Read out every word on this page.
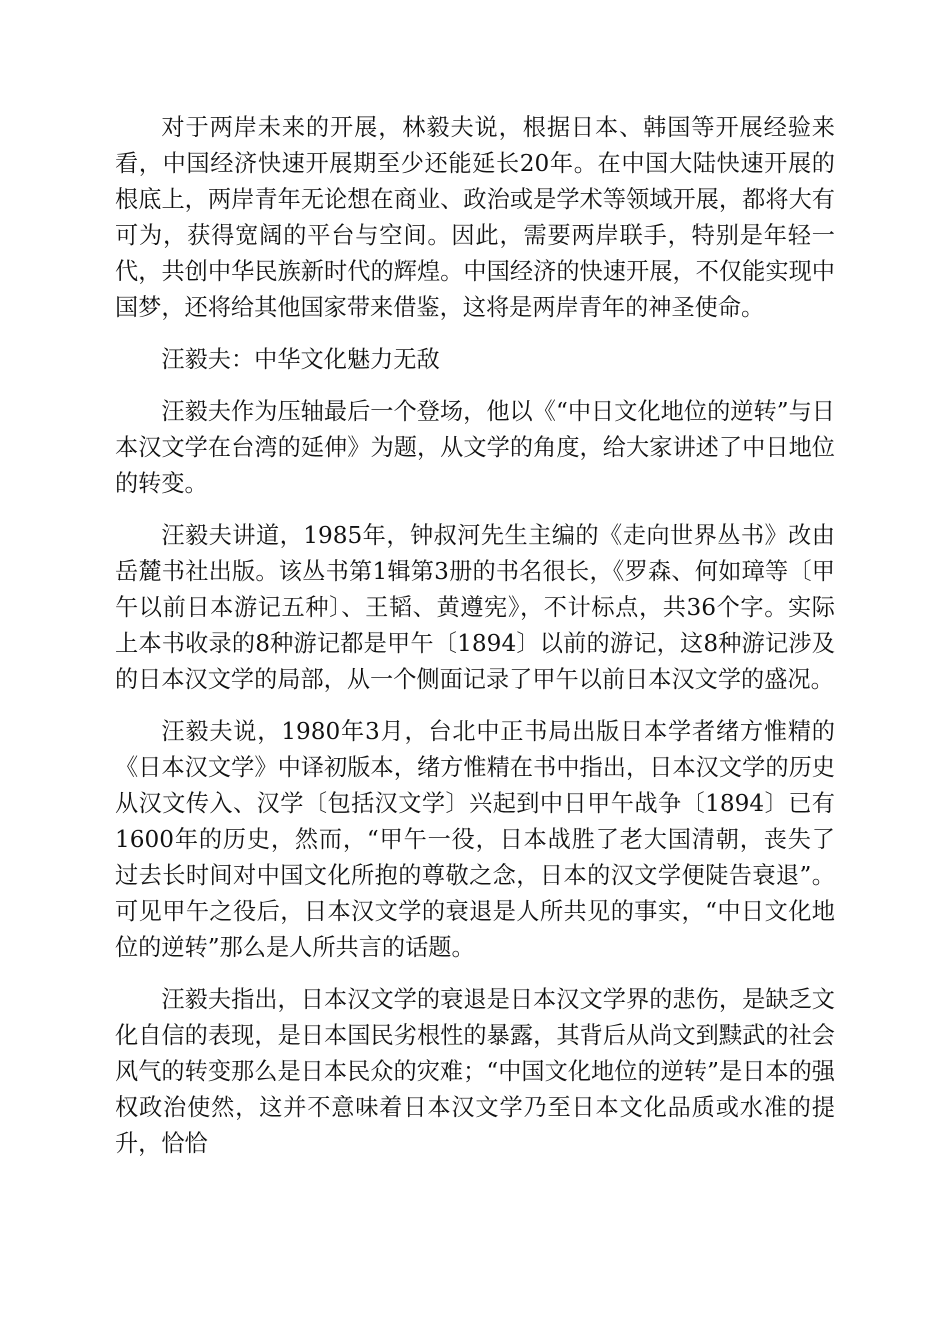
对于两岸未来的开展，林毅夫说，根据日本、韩国等开展经验来看，中国经济快速开展期至少还能延长20年。在中国大陆快速开展的根底上，两岸青年无论想在商业、政治或是学术等领域开展，都将大有可为，获得宽阔的平台与空间。因此，需要两岸联手，特别是年轻一代，共创中华民族新时代的辉煌。中国经济的快速开展，不仅能实现中国梦，还将给其他国家带来借鉴，这将是两岸青年的神圣使命。

汪毅夫：中华文化魅力无敌

汪毅夫作为压轴最后一个登场，他以《“中日文化地位的逆转”与日本汉文学在台湾的延伸》为题，从文学的角度，给大家讲述了中日地位的转变。

汪毅夫讲道，1985年，钟叔河先生主编的《走向世界丛书》改由岳麓书社出版。该丛书第1辑第3册的书名很长，《罗森、何如璋等〔甲午以前日本游记五种〕、王韬、黄遵宪》，不计标点，共36个字。实际上本书收录的8种游记都是甲午〔1894〕以前的游记，这8种游记涉及的日本汉文学的局部，从一个侧面记录了甲午以前日本汉文学的盛况。

汪毅夫说，1980年3月，台北中正书局出版日本学者绪方惟精的《日本汉文学》中译初版本，绪方惟精在书中指出，日本汉文学的历史从汉文传入、汉学〔包括汉文学〕兴起到中日甲午战争〔1894〕已有1600年的历史，然而，“甲午一役，日本战胜了老大国清朝，丧失了过去长时间对中国文化所抱的尊敬之念，日本的汉文学便陡告衰退”。可见甲午之役后，日本汉文学的衰退是人所共见的事实，“中日文化地位的逆转”那么是人所共言的话题。

汪毅夫指出，日本汉文学的衰退是日本汉文学界的悲伤，是缺乏文化自信的表现，是日本国民劣根性的暴露，其背后从尚文到黩武的社会风气的转变那么是日本民众的灾难；“中国文化地位的逆转”是日本的强权政治使然，这并不意味着日本汉文学乃至日本文化品质或水准的提升，恰恰
